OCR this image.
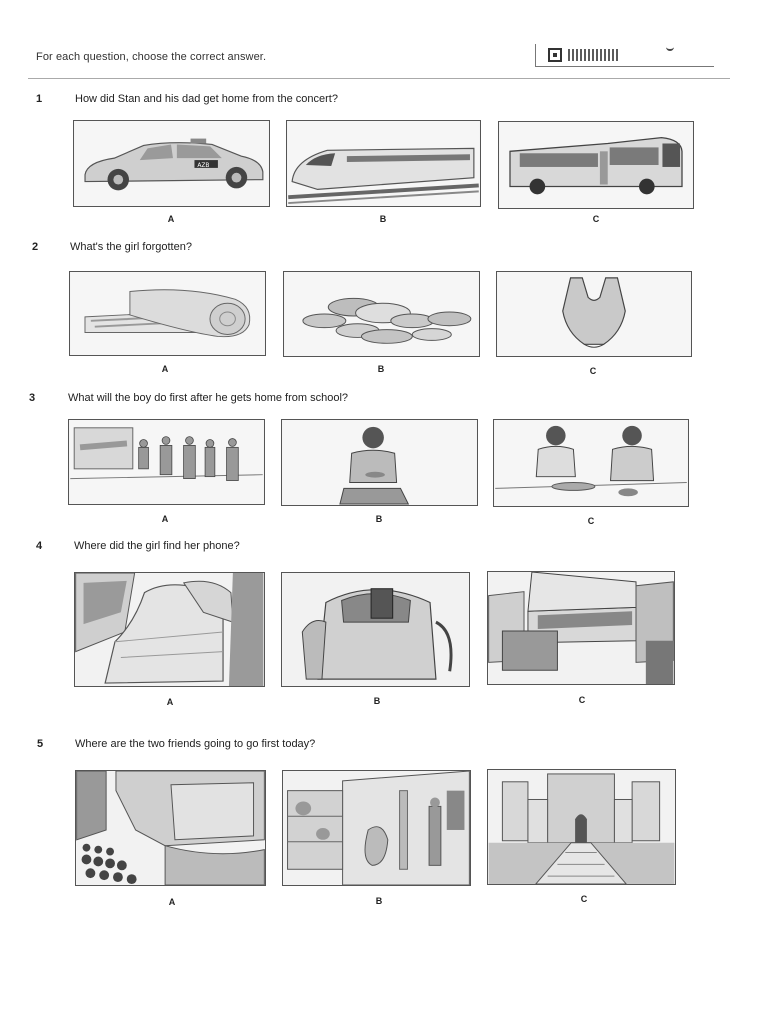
For each question, choose the correct answer.
1	How did Stan and his dad get home from the concert?
AZB
A	B	C
2	What's the girl forgotten?
A	B	C
3	What will the boy do first after he gets home from school?
A	B	C
4	Where did the girl find her phone?
A	B	C
5	Where are the two friends going to go first today?
A	B	C
